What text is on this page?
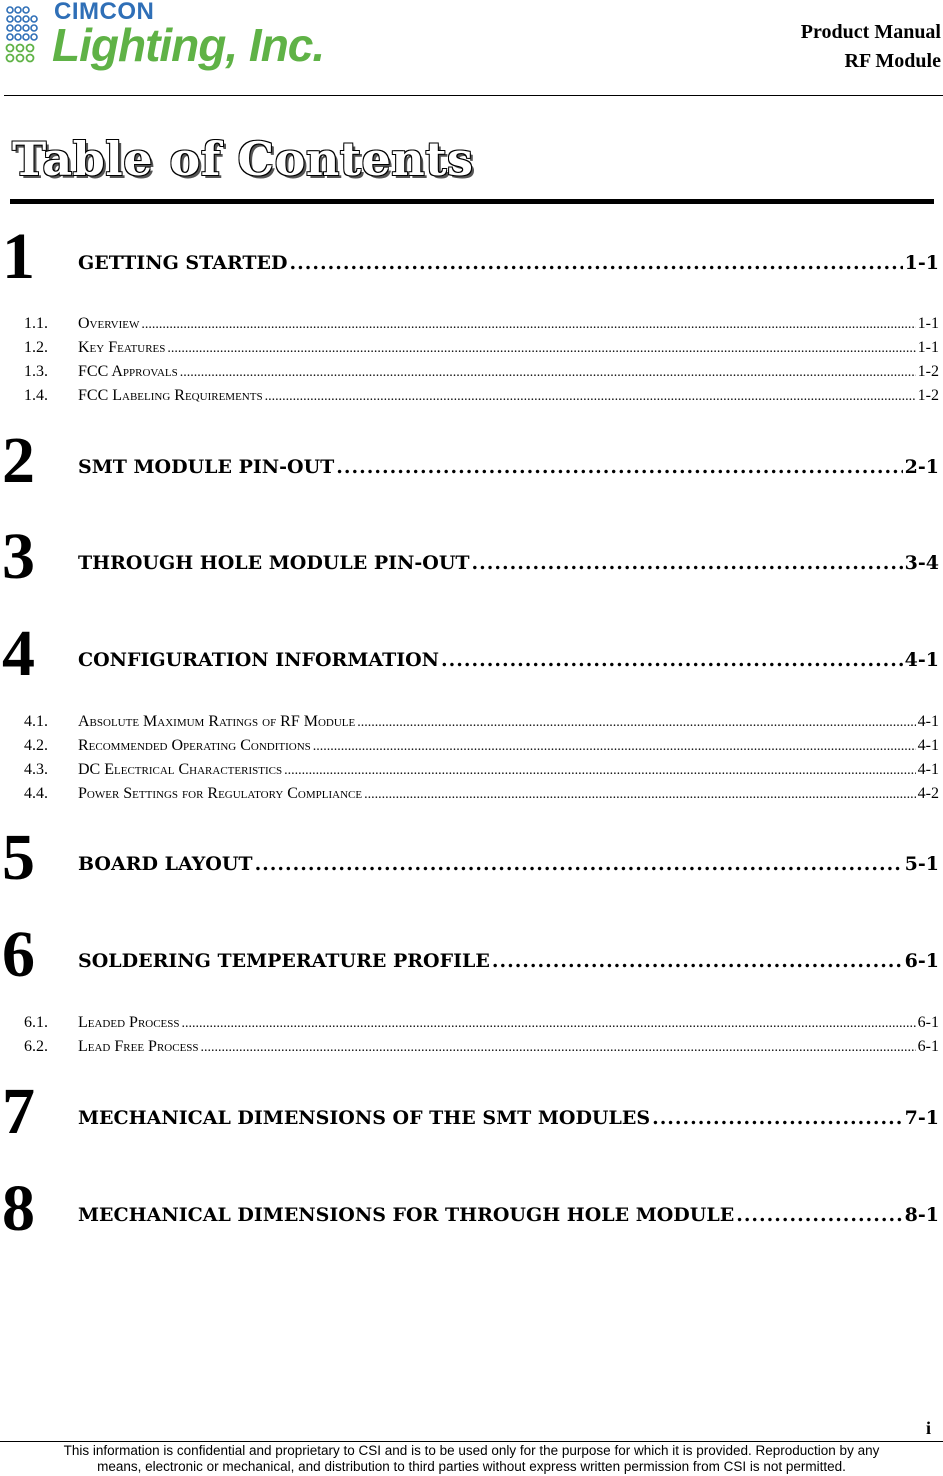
CIMCON
Lighting, Inc.	Product Manual
RF Module
Table of Contents
1 GETTING STARTED .....	1-1
1.1. Overview .....	1-1
1.2. Key Features .....	1-1
1.3. FCC Approvals .....	1-2
1.4. FCC Labeling Requirements .....	1-2
2 SMT MODULE PIN-OUT .....	2-1
3 THROUGH HOLE MODULE PIN-OUT .....	3-4
4 CONFIGURATION INFORMATION .....	4-1
4.1. Absolute Maximum Ratings of RF Module .....	4-1
4.2. Recommended Operating Conditions .....	4-1
4.3. DC Electrical Characteristics .....	4-1
4.4. Power Settings for Regulatory Compliance .....	4-2
5 BOARD LAYOUT .....	5-1
6 SOLDERING TEMPERATURE PROFILE .....	6-1
6.1. Leaded Process .....	6-1
6.2. Lead Free Process .....	6-1
7 MECHANICAL DIMENSIONS OF THE SMT MODULES .....	7-1
8 MECHANICAL DIMENSIONS FOR THROUGH HOLE MODULE .....	8-1
i
This information is confidential and proprietary to CSI and is to be used only for the purpose for which it is provided. Reproduction by any
means, electronic or mechanical, and distribution to third parties without express written permission from CSI is not permitted.
